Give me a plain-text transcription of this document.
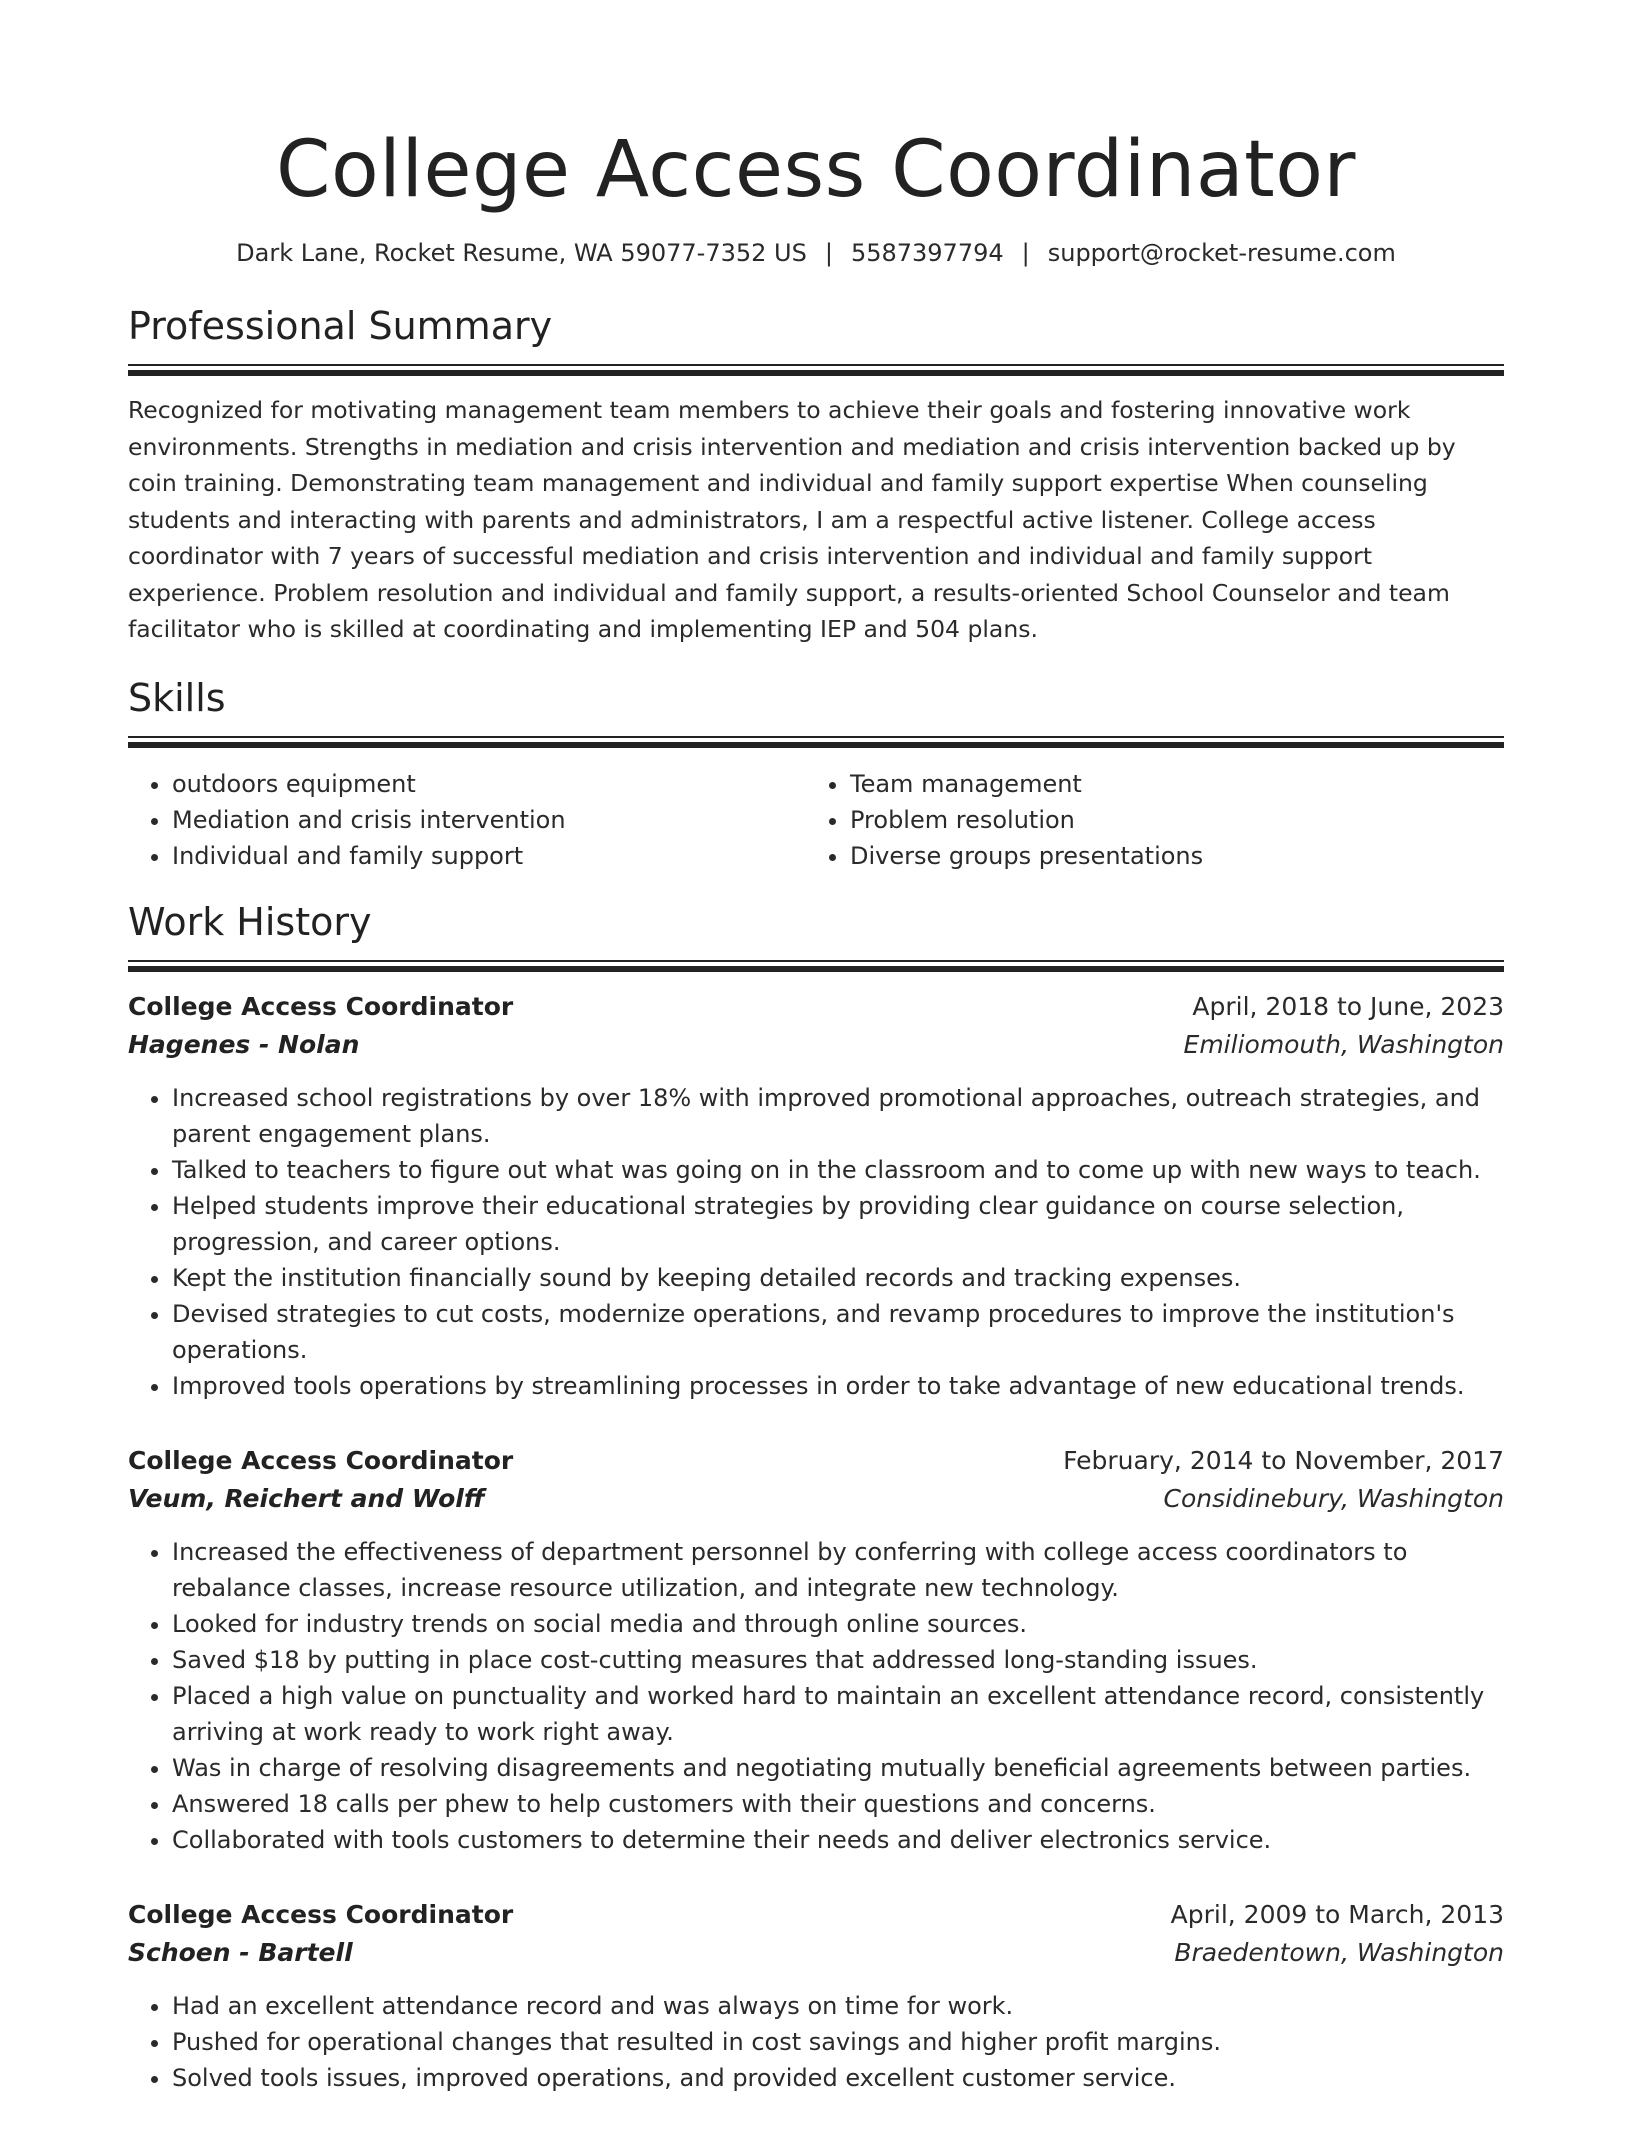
College Access Coordinator
Dark Lane, Rocket Resume, WA 59077-7352 US | 5587397794 | support@rocket-resume.com
Professional Summary

Recognized for motivating management team members to achieve their goals and fostering innovative work environments. Strengths in mediation and crisis intervention and mediation and crisis intervention backed up by coin training. Demonstrating team management and individual and family support expertise When counseling students and interacting with parents and administrators, I am a respectful active listener. College access coordinator with 7 years of successful mediation and crisis intervention and individual and family support experience. Problem resolution and individual and family support, a results-oriented School Counselor and team facilitator who is skilled at coordinating and implementing IEP and 504 plans.

Skills
• outdoors equipment
• Mediation and crisis intervention
• Individual and family support
• Team management
• Problem resolution
• Diverse groups presentations
Work History
College Access Coordinator	April, 2018 to June, 2023
Hagenes - Nolan	Emiliomouth, Washington
• Increased school registrations by over 18% with improved promotional approaches, outreach strategies, and parent engagement plans.
• Talked to teachers to figure out what was going on in the classroom and to come up with new ways to teach.
• Helped students improve their educational strategies by providing clear guidance on course selection, progression, and career options.
• Kept the institution financially sound by keeping detailed records and tracking expenses.
• Devised strategies to cut costs, modernize operations, and revamp procedures to improve the institution's operations.
• Improved tools operations by streamlining processes in order to take advantage of new educational trends.
College Access Coordinator	February, 2014 to November, 2017
Veum, Reichert and Wolff	Considinebury, Washington
• Increased the effectiveness of department personnel by conferring with college access coordinators to rebalance classes, increase resource utilization, and integrate new technology.
• Looked for industry trends on social media and through online sources.
• Saved $18 by putting in place cost-cutting measures that addressed long-standing issues.
• Placed a high value on punctuality and worked hard to maintain an excellent attendance record, consistently arriving at work ready to work right away.
• Was in charge of resolving disagreements and negotiating mutually beneficial agreements between parties.
• Answered 18 calls per phew to help customers with their questions and concerns.
• Collaborated with tools customers to determine their needs and deliver electronics service.
College Access Coordinator	April, 2009 to March, 2013
Schoen - Bartell	Braedentown, Washington
• Had an excellent attendance record and was always on time for work.
• Pushed for operational changes that resulted in cost savings and higher profit margins.
• Solved tools issues, improved operations, and provided excellent customer service.
